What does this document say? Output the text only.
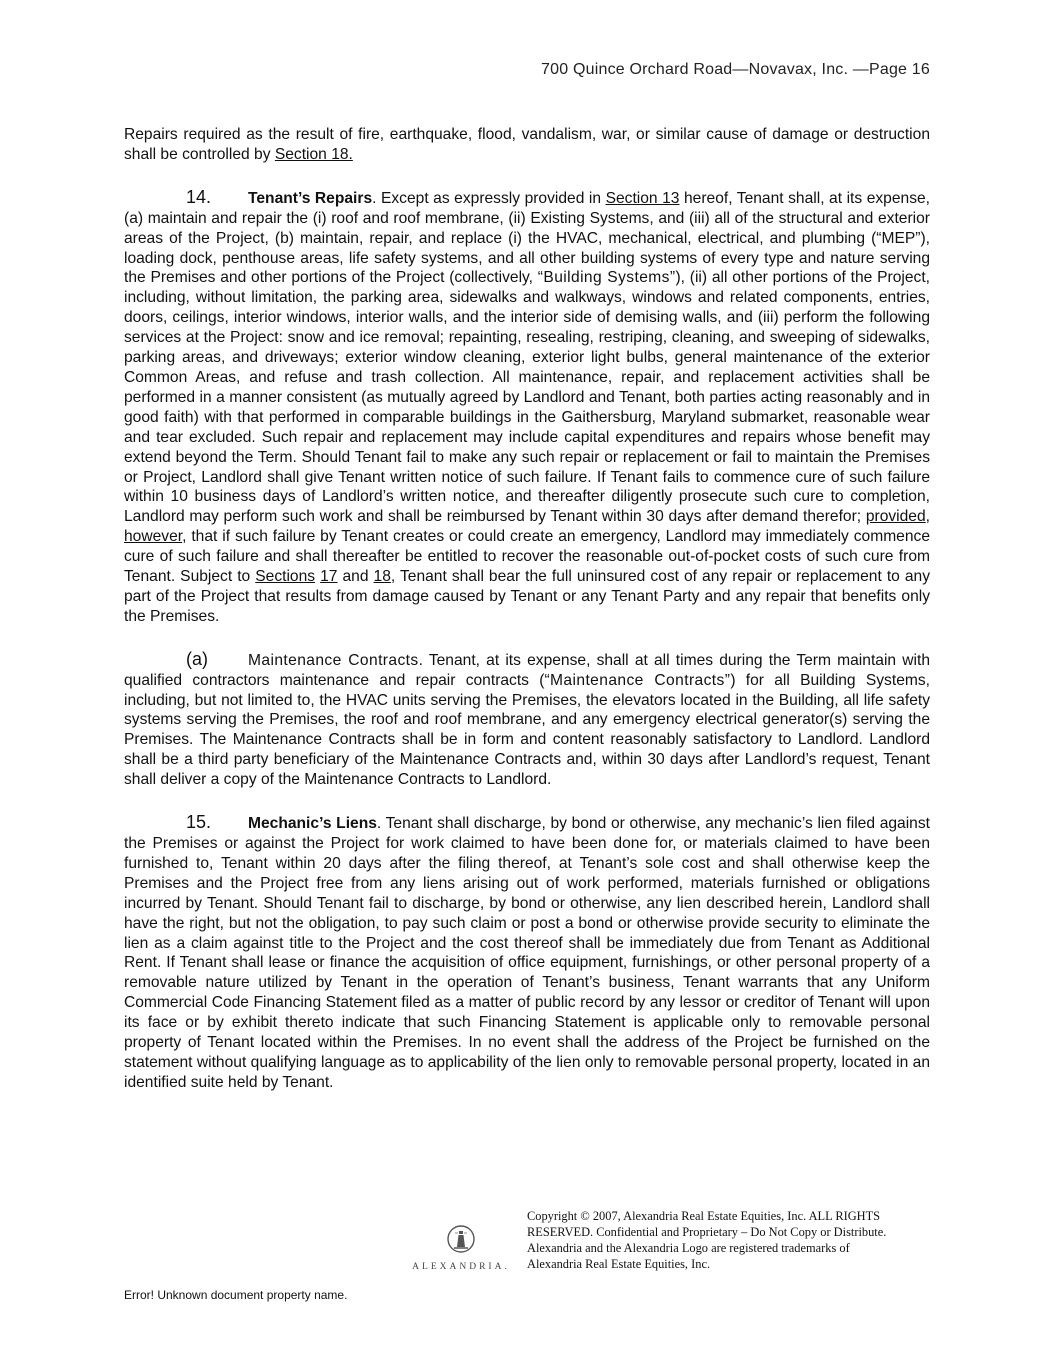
700 Quince Orchard Road—Novavax, Inc. —Page 16

Repairs required as the result of fire, earthquake, flood, vandalism, war, or similar cause of damage or destruction shall be controlled by Section 18.

14. Tenant’s Repairs. Except as expressly provided in Section 13 hereof, Tenant shall, at its expense, (a) maintain and repair the (i) roof and roof membrane, (ii) Existing Systems, and (iii) all of the structural and exterior areas of the Project, (b) maintain, repair, and replace (i) the HVAC, mechanical, electrical, and plumbing (“MEP”), loading dock, penthouse areas, life safety systems, and all other building systems of every type and nature serving the Premises and other portions of the Project (collectively, “Building Systems”), (ii) all other portions of the Project, including, without limitation, the parking area, sidewalks and walkways, windows and related components, entries, doors, ceilings, interior windows, interior walls, and the interior side of demising walls, and (iii) perform the following services at the Project: snow and ice removal; repainting, resealing, restriping, cleaning, and sweeping of sidewalks, parking areas, and driveways; exterior window cleaning, exterior light bulbs, general maintenance of the exterior Common Areas, and refuse and trash collection. All maintenance, repair, and replacement activities shall be performed in a manner consistent (as mutually agreed by Landlord and Tenant, both parties acting reasonably and in good faith) with that performed in comparable buildings in the Gaithersburg, Maryland submarket, reasonable wear and tear excluded. Such repair and replacement may include capital expenditures and repairs whose benefit may extend beyond the Term. Should Tenant fail to make any such repair or replacement or fail to maintain the Premises or Project, Landlord shall give Tenant written notice of such failure. If Tenant fails to commence cure of such failure within 10 business days of Landlord’s written notice, and thereafter diligently prosecute such cure to completion, Landlord may perform such work and shall be reimbursed by Tenant within 30 days after demand therefor; provided, however, that if such failure by Tenant creates or could create an emergency, Landlord may immediately commence cure of such failure and shall thereafter be entitled to recover the reasonable out-of-pocket costs of such cure from Tenant. Subject to Sections 17 and 18, Tenant shall bear the full uninsured cost of any repair or replacement to any part of the Project that results from damage caused by Tenant or any Tenant Party and any repair that benefits only the Premises.

(a)	Maintenance Contracts. Tenant, at its expense, shall at all times during the Term maintain with qualified contractors maintenance and repair contracts (“Maintenance Contracts”) for all Building Systems, including, but not limited to, the HVAC units serving the Premises, the elevators located in the Building, all life safety systems serving the Premises, the roof and roof membrane, and any emergency electrical generator(s) serving the Premises. The Maintenance Contracts shall be in form and content reasonably satisfactory to Landlord. Landlord shall be a third party beneficiary of the Maintenance Contracts and, within 30 days after Landlord’s request, Tenant shall deliver a copy of the Maintenance Contracts to Landlord.

15. Mechanic’s Liens. Tenant shall discharge, by bond or otherwise, any mechanic’s lien filed against the Premises or against the Project for work claimed to have been done for, or materials claimed to have been furnished to, Tenant within 20 days after the filing thereof, at Tenant’s sole cost and shall otherwise keep the Premises and the Project free from any liens arising out of work performed, materials furnished or obligations incurred by Tenant. Should Tenant fail to discharge, by bond or otherwise, any lien described herein, Landlord shall have the right, but not the obligation, to pay such claim or post a bond or otherwise provide security to eliminate the lien as a claim against title to the Project and the cost thereof shall be immediately due from Tenant as Additional Rent. If Tenant shall lease or finance the acquisition of office equipment, furnishings, or other personal property of a removable nature utilized by Tenant in the operation of Tenant’s business, Tenant warrants that any Uniform Commercial Code Financing Statement filed as a matter of public record by any lessor or creditor of Tenant will upon its face or by exhibit thereto indicate that such Financing Statement is applicable only to removable personal property of Tenant located within the Premises. In no event shall the address of the Project be furnished on the statement without qualifying language as to applicability of the lien only to removable personal property, located in an identified suite held by Tenant.

ALEXANDRIA.
Copyright © 2007, Alexandria Real Estate Equities, Inc. ALL RIGHTS RESERVED. Confidential and Proprietary – Do Not Copy or Distribute. Alexandria and the Alexandria Logo are registered trademarks of Alexandria Real Estate Equities, Inc.
Error! Unknown document property name.
